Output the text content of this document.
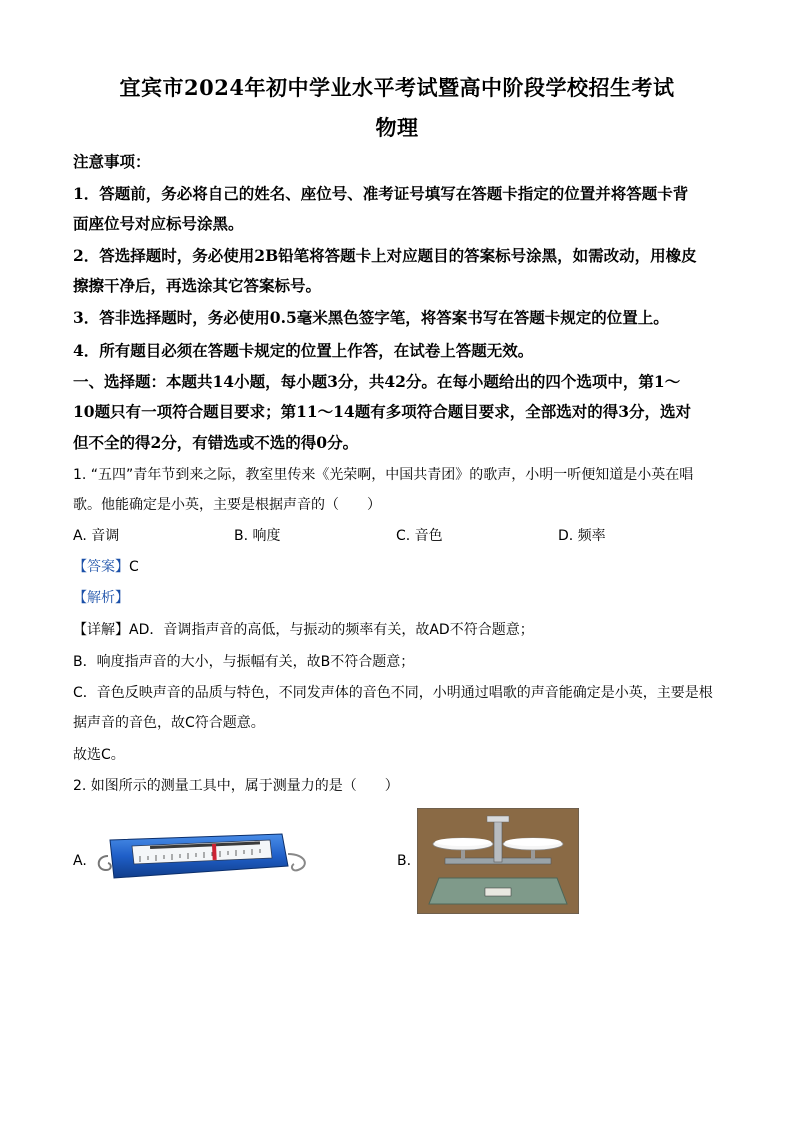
宜宾市2024年初中学业水平考试暨高中阶段学校招生考试
物理
注意事项：
1．答题前，务必将自己的姓名、座位号、准考证号填写在答题卡指定的位置并将答题卡背
面座位号对应标号涂黑。
2．答选择题时，务必使用2B铅笔将答题卡上对应题目的答案标号涂黑，如需改动，用橡皮
擦擦干净后，再选涂其它答案标号。
3．答非选择题时，务必使用0.5毫米黑色签字笔，将答案书写在答题卡规定的位置上。
4．所有题目必须在答题卡规定的位置上作答，在试卷上答题无效。
一、选择题：本题共14小题，每小题3分，共42分。在每小题给出的四个选项中，第1～
10题只有一项符合题目要求；第11～14题有多项符合题目要求，全部选对的得3分，选对
但不全的得2分，有错选或不选的得0分。
1. “五四”青年节到来之际，教室里传来《光荣啊，中国共青团》的歌声，小明一听便知道是小英在唱
歌。他能确定是小英，主要是根据声音的（　　）
A. 音调	B. 响度	C. 音色	D. 频率
【答案】C
【解析】
【详解】AD．音调指声音的高低，与振动的频率有关，故AD不符合题意；
B．响度指声音的大小，与振幅有关，故B不符合题意；
C．音色反映声音的品质与特色，不同发声体的音色不同，小明通过唱歌的声音能确定是小英，主要是根
据声音的音色，故C符合题意。
故选C。
2. 如图所示的测量工具中，属于测量力的是（　　）
A.	B.
